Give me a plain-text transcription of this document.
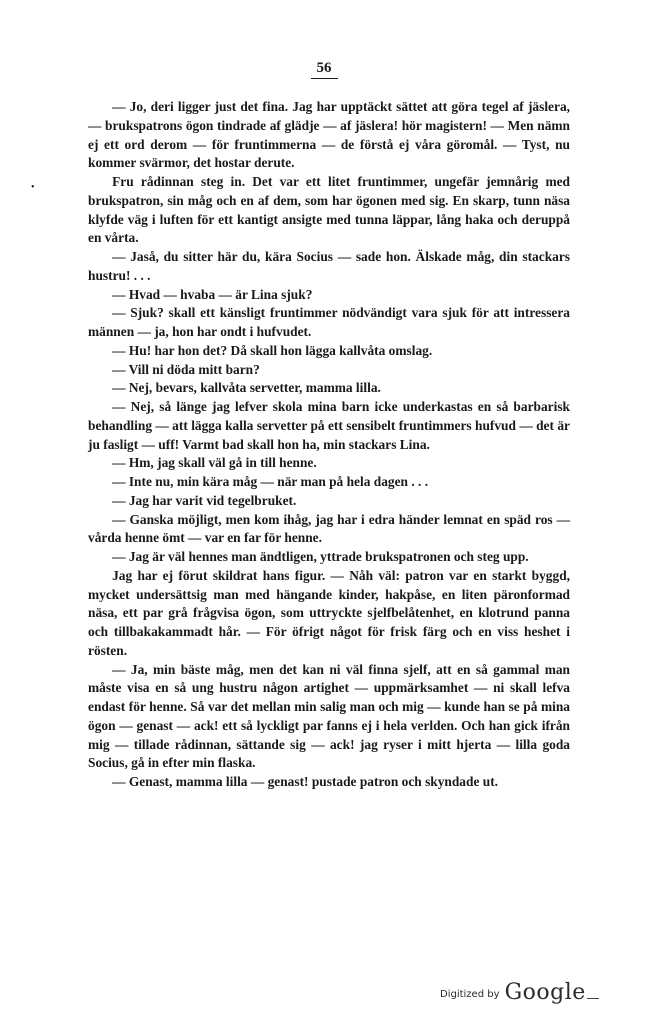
56
•

— Jo, deri ligger just det fina. Jag har upptäckt sättet att göra tegel af jäslera, — brukspatrons ögon tindrade af glädje — af jäslera! hör magistern! — Men nämn ej ett ord derom — för fruntimmerna — de förstå ej våra göromål. — Tyst, nu kommer svärmor, det hostar derute.

Fru rådinnan steg in. Det var ett litet fruntimmer, ungefär jemnårig med brukspatron, sin måg och en af dem, som har ögonen med sig. En skarp, tunn näsa klyfde väg i luften för ett kantigt ansigte med tunna läppar, lång haka och deruppå en vårta.

— Jaså, du sitter här du, kära Socius — sade hon. Älskade måg, din stackars hustru! . . .

— Hvad — hvaba — är Lina sjuk?

— Sjuk? skall ett känsligt fruntimmer nödvändigt vara sjuk för att intressera männen — ja, hon har ondt i hufvudet.

— Hu! har hon det? Då skall hon lägga kallvåta omslag.

— Vill ni döda mitt barn?

— Nej, bevars, kallvåta servetter, mamma lilla.

— Nej, så länge jag lefver skola mina barn icke underkastas en så barbarisk behandling — att lägga kalla servetter på ett sensibelt fruntimmers hufvud — det är ju fasligt — uff! Varmt bad skall hon ha, min stackars Lina.

— Hm, jag skall väl gå in till henne.

— Inte nu, min kära måg — när man på hela dagen . . .

— Jag har varit vid tegelbruket.

— Ganska möjligt, men kom ihåg, jag har i edra händer lemnat en späd ros — vårda henne ömt — var en far för henne.

— Jag är väl hennes man ändtligen, yttrade brukspatronen och steg upp.

Jag har ej förut skildrat hans figur. — Nåh väl: patron var en starkt byggd, mycket undersättsig man med hängande kinder, hakpåse, en liten päronformad näsa, ett par grå frågvisa ögon, som uttryckte sjelfbelåtenhet, en klotrund panna och tillbakakammadt hår. — För öfrigt något för frisk färg och en viss heshet i rösten.

— Ja, min bäste måg, men det kan ni väl finna sjelf, att en så gammal man måste visa en så ung hustru någon artighet — uppmärksamhet — ni skall lefva endast för henne. Så var det mellan min salig man och mig — kunde han se på mina ögon — genast — ack! ett så lyckligt par fanns ej i hela verlden. Och han gick ifrån mig — tillade rådinnan, sättande sig — ack! jag ryser i mitt hjerta — lilla goda Socius, gå in efter min flaska.

— Genast, mamma lilla — genast! pustade patron och skyndade ut.

Digitized by Google
